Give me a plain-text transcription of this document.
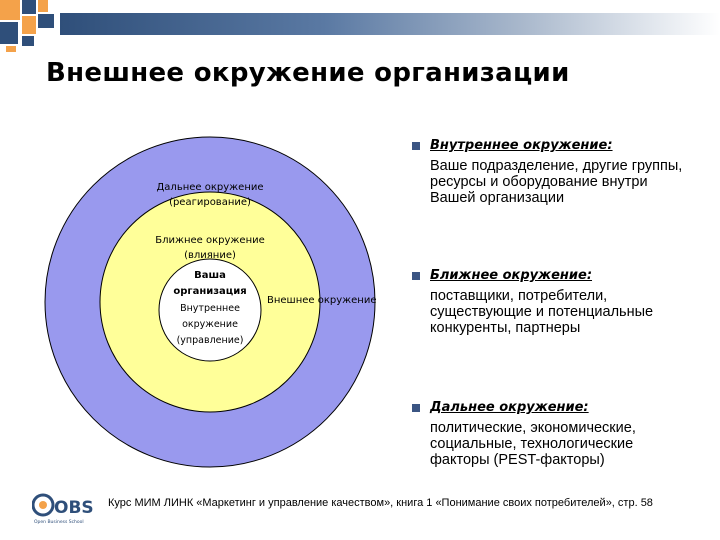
Внешнее окружение организации
Дальнее окружение
(реагирование)
Ближнее окружение
(влияние)
Ваша
организация
Внутреннее
окружение
(управление)
Внешнее окружение
Внутреннее окружение:
Ваше подразделение, другие группы, ресурсы и оборудование внутри Вашей организации
Ближнее окружение:
поставщики, потребители, существующие и потенциальные конкуренты, партнеры
Дальнее окружение:
политические, экономические, социальные, технологические факторы (PEST-факторы)
OBS
Open Business School
Курс МИМ ЛИНК «Маркетинг и управление качеством», книга 1 «Понимание своих потребителей», стр. 58
